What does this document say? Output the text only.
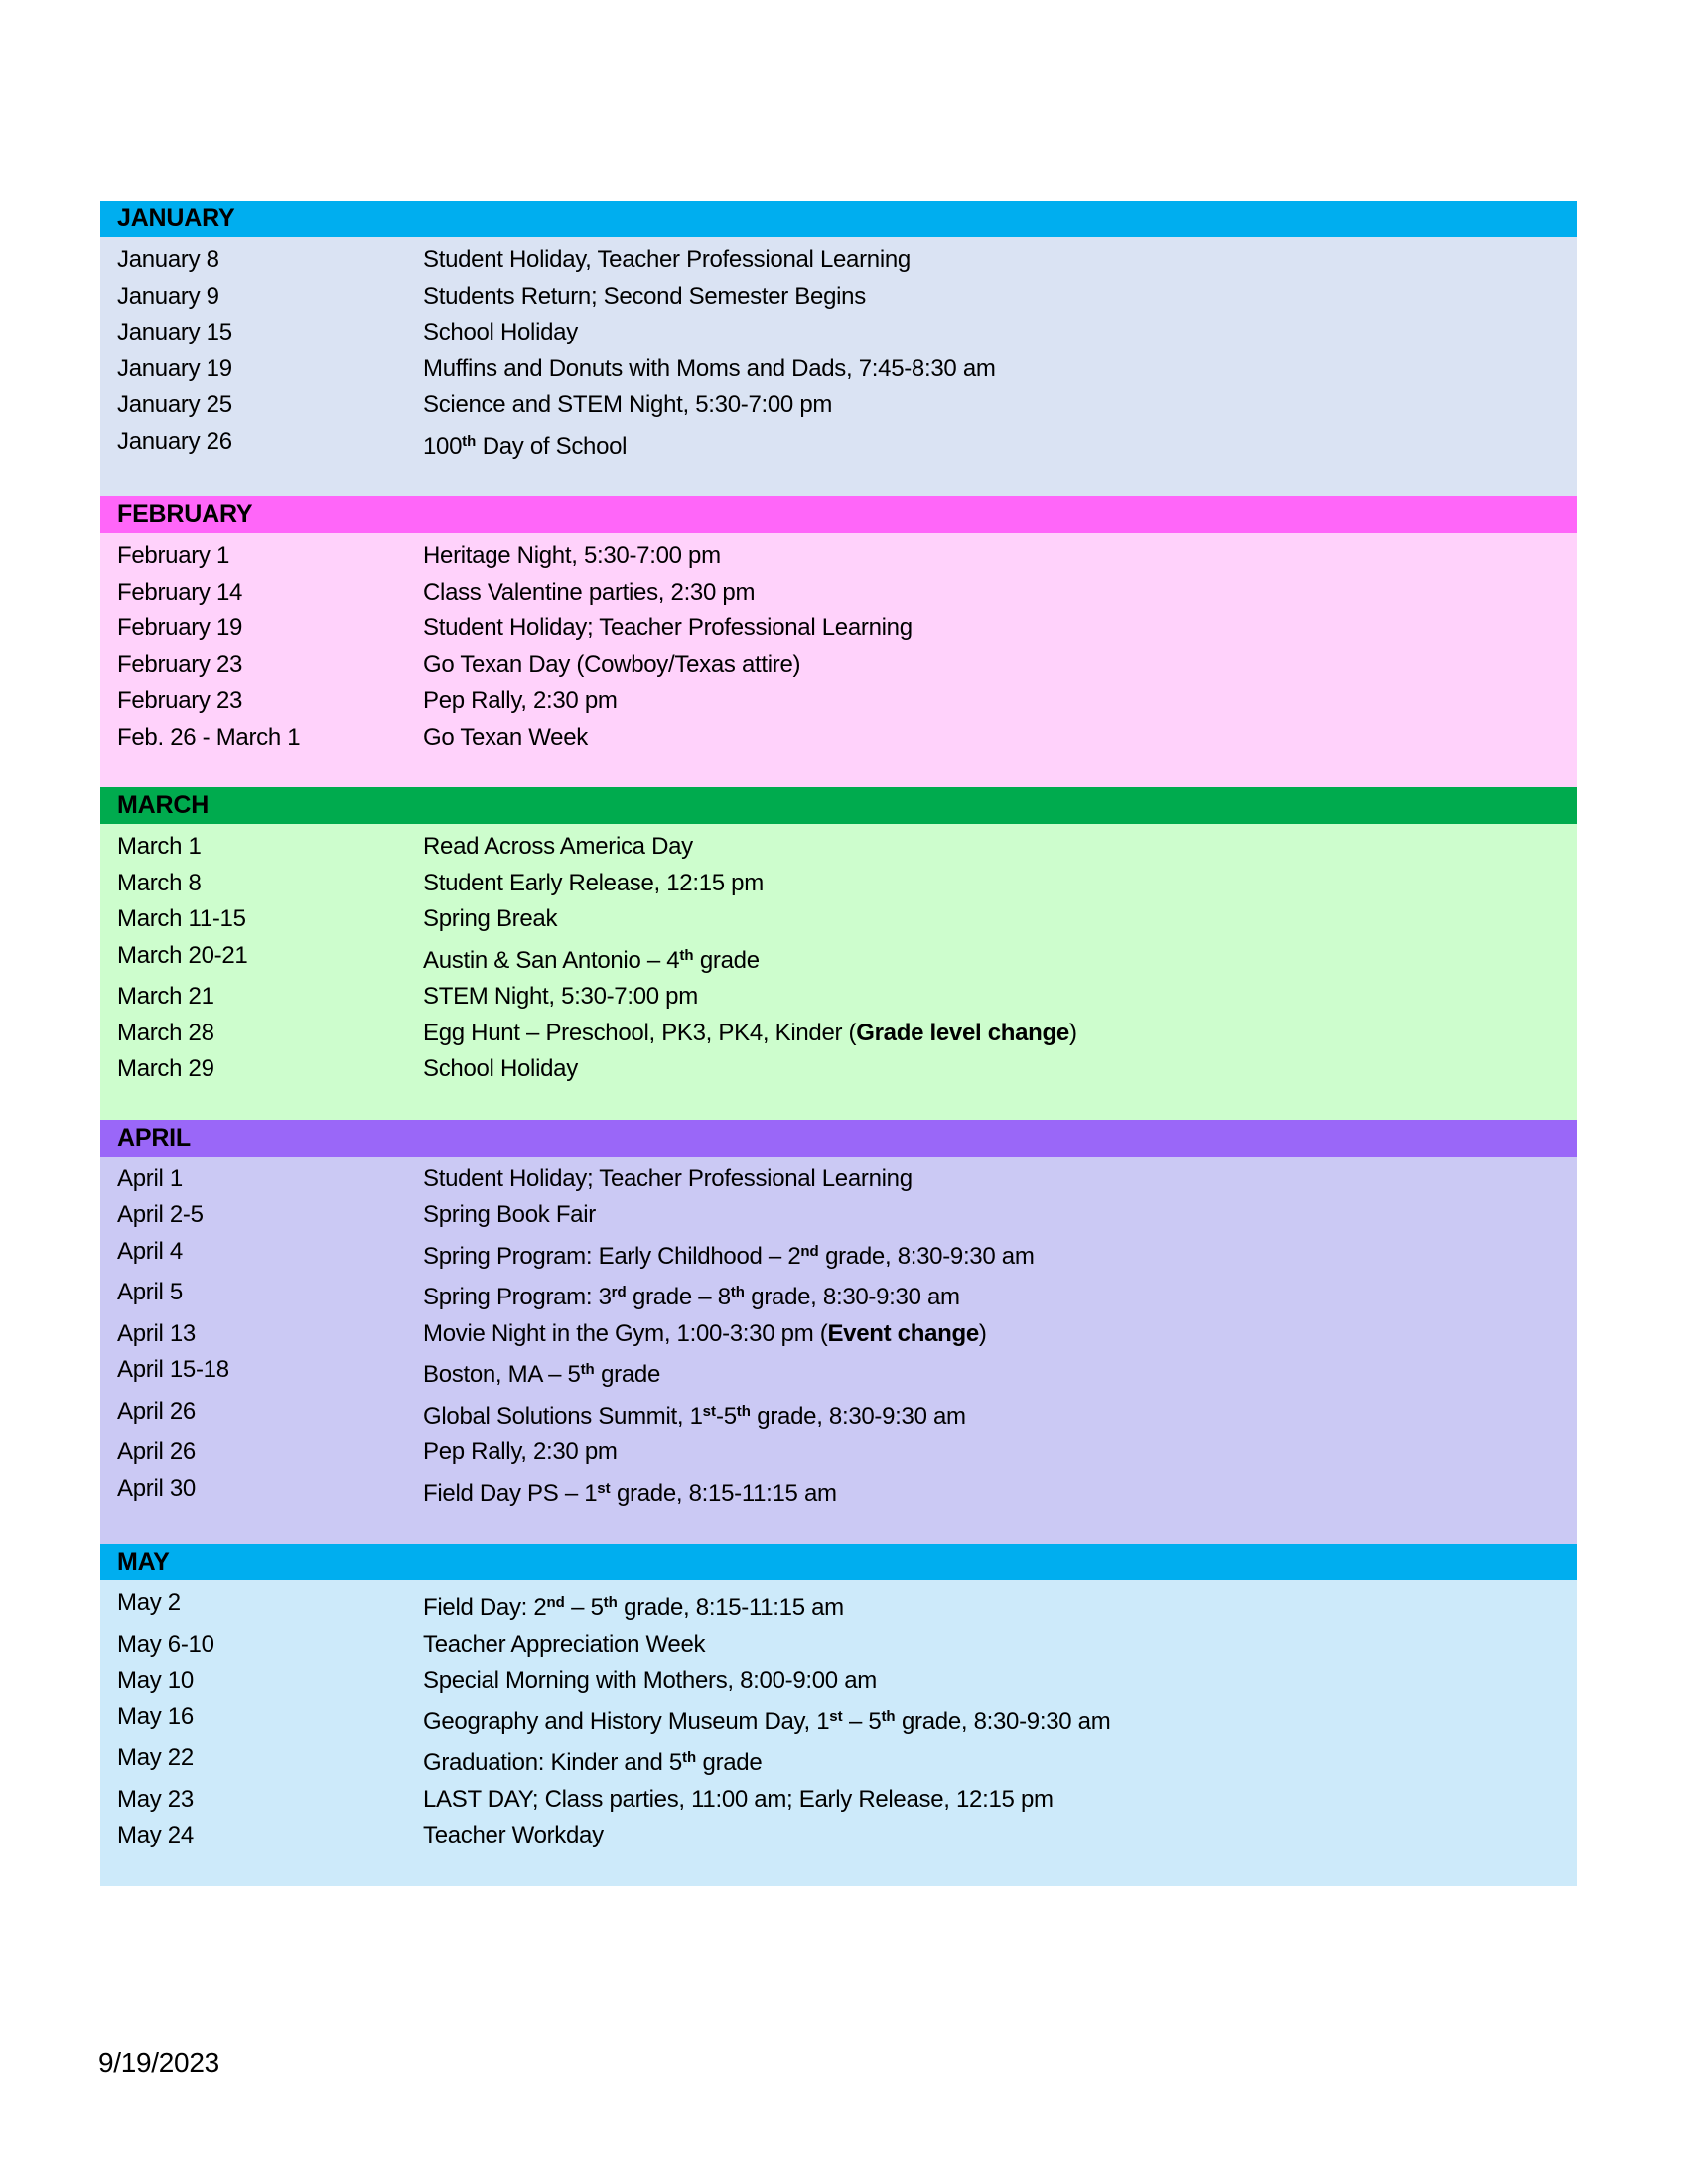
JANUARY
January 8	Student Holiday, Teacher Professional Learning
January 9	Students Return; Second Semester Begins
January 15	School Holiday
January 19	Muffins and Donuts with Moms and Dads, 7:45-8:30 am
January 25	Science and STEM Night, 5:30-7:00 pm
January 26	100th Day of School
FEBRUARY
February 1	Heritage Night, 5:30-7:00 pm
February 14	Class Valentine parties, 2:30 pm
February 19	Student Holiday; Teacher Professional Learning
February 23	Go Texan Day (Cowboy/Texas attire)
February 23	Pep Rally, 2:30 pm
Feb. 26 - March 1	Go Texan Week
MARCH
March 1	Read Across America Day
March 8	Student Early Release, 12:15 pm
March 11-15	Spring Break
March 20-21	Austin & San Antonio – 4th grade
March 21	STEM Night, 5:30-7:00 pm
March 28	Egg Hunt – Preschool, PK3, PK4, Kinder (Grade level change)
March 29	School Holiday
APRIL
April 1	Student Holiday; Teacher Professional Learning
April 2-5	Spring Book Fair
April 4	Spring Program: Early Childhood – 2nd grade, 8:30-9:30 am
April 5	Spring Program: 3rd grade – 8th grade, 8:30-9:30 am
April 13	Movie Night in the Gym, 1:00-3:30 pm (Event change)
April 15-18	Boston, MA – 5th grade
April 26	Global Solutions Summit, 1st-5th grade, 8:30-9:30 am
April 26	Pep Rally, 2:30 pm
April 30	Field Day PS – 1st grade, 8:15-11:15 am
MAY
May 2	Field Day: 2nd – 5th grade, 8:15-11:15 am
May 6-10	Teacher Appreciation Week
May 10	Special Morning with Mothers, 8:00-9:00 am
May 16	Geography and History Museum Day, 1st – 5th grade, 8:30-9:30 am
May 22	Graduation: Kinder and 5th grade
May 23	LAST DAY; Class parties, 11:00 am; Early Release, 12:15 pm
May 24	Teacher Workday
9/19/2023
